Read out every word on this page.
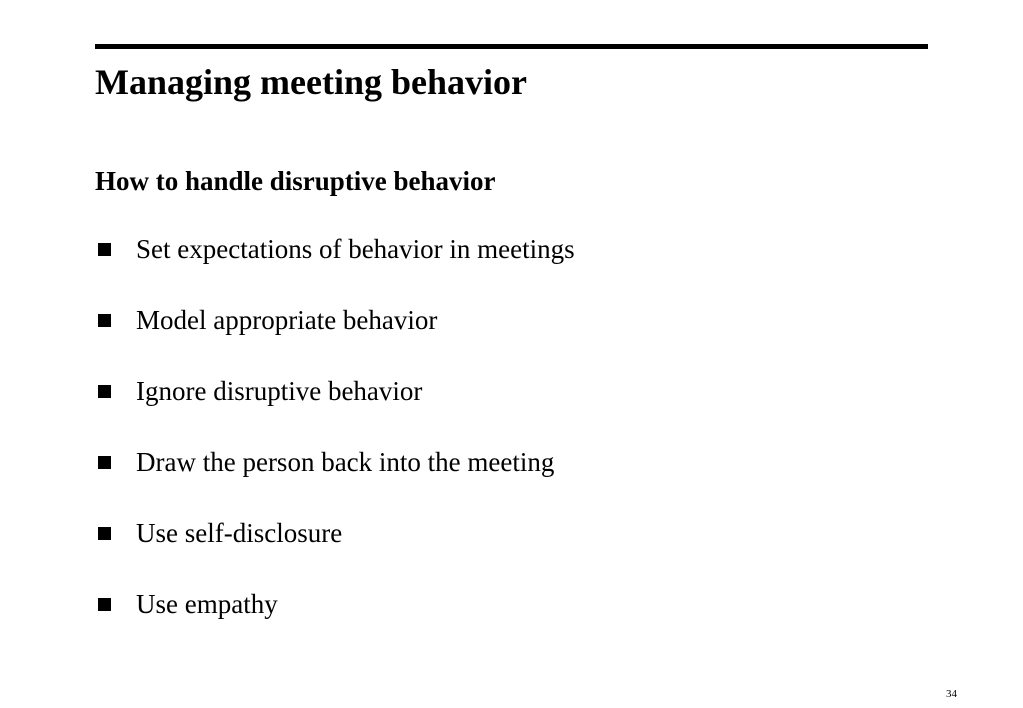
Managing meeting behavior
How to handle disruptive behavior
Set expectations of behavior in meetings
Model appropriate behavior
Ignore disruptive behavior
Draw the person back into the meeting
Use self-disclosure
Use empathy
34
